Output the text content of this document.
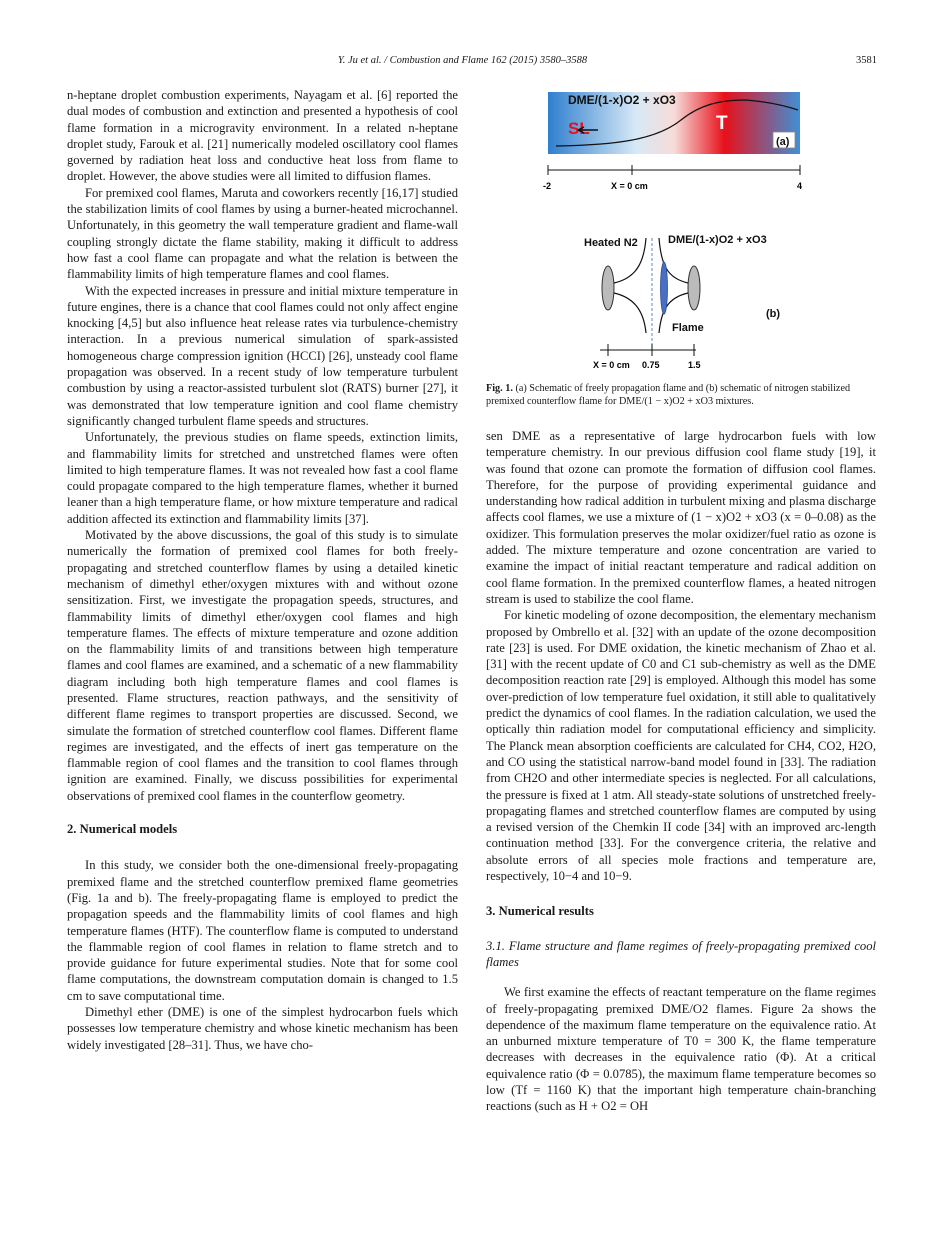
Y. Ju et al. / Combustion and Flame 162 (2015) 3580–3588	3581

n-heptane droplet combustion experiments, Nayagam et al. [6] reported the dual modes of combustion and extinction and presented a hypothesis of cool flame formation in a microgravity environment. In a related n-heptane droplet study, Farouk et al. [21] numerically modeled oscillatory cool flames governed by radiation heat loss and conductive heat loss from flame to droplet. However, the above studies were all limited to diffusion flames.

For premixed cool flames, Maruta and coworkers recently [16,17] studied the stabilization limits of cool flames by using a burner-heated microchannel. Unfortunately, in this geometry the wall temperature gradient and flame-wall coupling strongly dictate the flame stability, making it difficult to address how fast a cool flame can propagate and what the relation is between the flammability limits of high temperature flames and cool flames.

With the expected increases in pressure and initial mixture temperature in future engines, there is a chance that cool flames could not only affect engine knocking [4,5] but also influence heat release rates via turbulence-chemistry interaction. In a previous numerical simulation of spark-assisted homogeneous charge compression ignition (HCCI) [26], unsteady cool flame propagation was observed. In a recent study of low temperature turbulent combustion by using a reactor-assisted turbulent slot (RATS) burner [27], it was demonstrated that low temperature ignition and cool flame chemistry significantly changed turbulent flame speeds and structures.

Unfortunately, the previous studies on flame speeds, extinction limits, and flammability limits for stretched and unstretched flames were often limited to high temperature flames. It was not revealed how fast a cool flame could propagate compared to the high temperature flames, whether it burned leaner than a high temperature flame, or how mixture temperature and radical addition affected its extinction and flammability limits [37].

Motivated by the above discussions, the goal of this study is to simulate numerically the formation of premixed cool flames for both freely-propagating and stretched counterflow flames by using a detailed kinetic mechanism of dimethyl ether/oxygen mixtures with and without ozone sensitization. First, we investigate the propagation speeds, structures, and flammability limits of dimethyl ether/oxygen cool flames and high temperature flames. The effects of mixture temperature and ozone addition on the flammability limits of and transitions between high temperature flames and cool flames are examined, and a schematic of a new flammability diagram including both high temperature flames and cool flames is presented. Flame structures, reaction pathways, and the sensitivity of different flame regimes to transport properties are discussed. Second, we simulate the formation of stretched counterflow cool flames. Different flame regimes are investigated, and the effects of inert gas temperature on the flammable region of cool flames and the transition to cool flames through ignition are examined. Finally, we discuss possibilities for experimental observations of premixed cool flames in the counterflow geometry.

2. Numerical models

In this study, we consider both the one-dimensional freely-propagating premixed flame and the stretched counterflow premixed flame geometries (Fig. 1a and b). The freely-propagating flame is employed to predict the propagation speeds and the flammability limits of cool flames and high temperature flames (HTF). The counterflow flame is computed to understand the flammable region of cool flames in relation to flame stretch and to provide guidance for future experimental studies. Note that for some cool flame computations, the downstream computation domain is changed to 1.5 cm to save computational time.

Dimethyl ether (DME) is one of the simplest hydrocarbon fuels which possesses low temperature chemistry and whose kinetic mechanism has been widely investigated [28–31]. Thus, we have cho-

DME/(1-x)O2 + xO3
SL	T
(a)
-2	X = 0 cm	4
Heated N2	DME/(1-x)O2 + xO3
Flame
(b)
X = 0 cm 0.75	1.5
Fig. 1. (a) Schematic of freely propagation flame and (b) schematic of nitrogen stabilized premixed counterflow flame for DME/(1 − x)O2 + xO3 mixtures.

sen DME as a representative of large hydrocarbon fuels with low temperature chemistry. In our previous diffusion cool flame study [19], it was found that ozone can promote the formation of diffusion cool flames. Therefore, for the purpose of providing experimental guidance and understanding how radical addition in turbulent mixing and plasma discharge affects cool flames, we use a mixture of (1 − x)O2 + xO3 (x = 0–0.08) as the oxidizer. This formulation preserves the molar oxidizer/fuel ratio as ozone is added. The mixture temperature and ozone concentration are varied to examine the impact of initial reactant temperature and radical addition on cool flame formation. In the premixed counterflow flames, a heated nitrogen stream is used to stabilize the cool flame.

For kinetic modeling of ozone decomposition, the elementary mechanism proposed by Ombrello et al. [32] with an update of the ozone decomposition rate [23] is used. For DME oxidation, the kinetic mechanism of Zhao et al. [31] with the recent update of C0 and C1 sub-chemistry as well as the DME decomposition reaction rate [29] is employed. Although this model has some over-prediction of low temperature fuel oxidation, it still able to qualitatively predict the dynamics of cool flames. In the radiation calculation, we used the optically thin radiation model for computational efficiency and simplicity. The Planck mean absorption coefficients are calculated for CH4, CO2, H2O, and CO using the statistical narrow-band model found in [33]. The radiation from CH2O and other intermediate species is neglected. For all calculations, the pressure is fixed at 1 atm. All steady-state solutions of unstretched freely-propagating flames and stretched counterflow flames are computed by using a revised version of the Chemkin II code [34] with an improved arc-length continuation method [33]. For the convergence criteria, the relative and absolute errors of all species mole fractions and temperature are, respectively, 10−4 and 10−9.

3. Numerical results
3.1. Flame structure and flame regimes of freely-propagating premixed cool flames

We first examine the effects of reactant temperature on the flame regimes of freely-propagating premixed DME/O2 flames. Figure 2a shows the dependence of the maximum flame temperature on the equivalence ratio. At an unburned mixture temperature of T0 = 300 K, the flame temperature decreases with decreases in the equivalence ratio (Φ). At a critical equivalence ratio (Φ = 0.0785), the maximum flame temperature becomes so low (Tf = 1160 K) that the important high temperature chain-branching reactions (such as H + O2 = OH
